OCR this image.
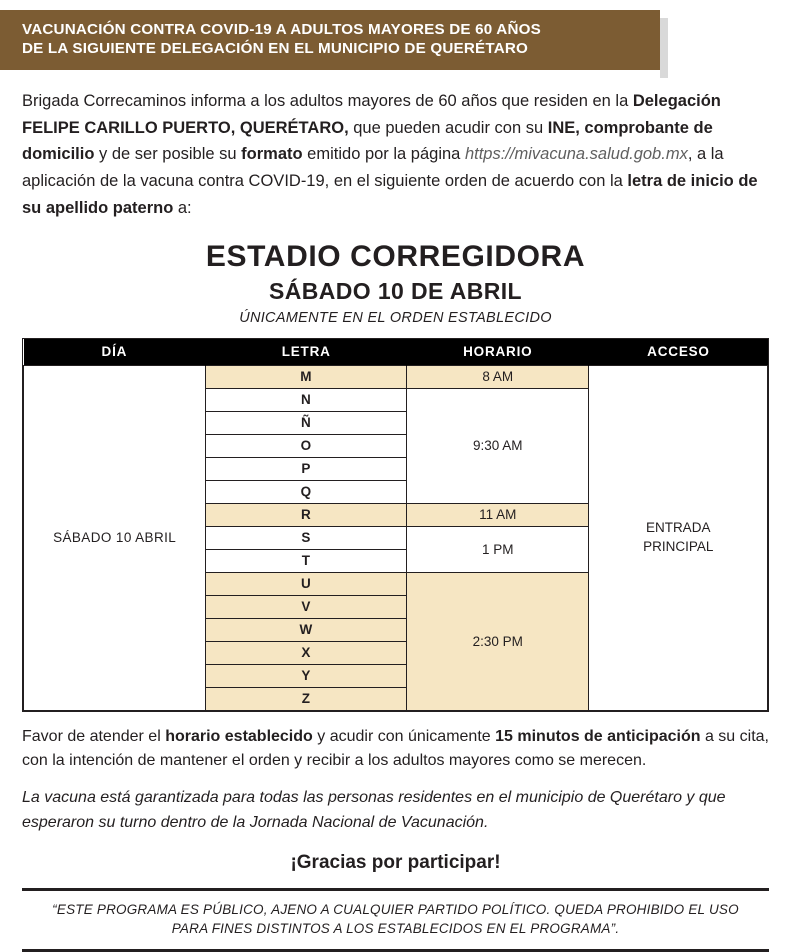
VACUNACIÓN CONTRA COVID-19 A ADULTOS MAYORES DE 60 AÑOS
DE LA SIGUIENTE DELEGACIÓN EN EL MUNICIPIO DE QUERÉTARO

Brigada Correcaminos informa a los adultos mayores de 60 años que residen en la Delegación FELIPE CARILLO PUERTO, QUERÉTARO, que pueden acudir con su INE, comprobante de domicilio y de ser posible su formato emitido por la página https://mivacuna.salud.gob.mx, a la aplicación de la vacuna contra COVID-19, en el siguiente orden de acuerdo con la letra de inicio de su apellido paterno a:

ESTADIO CORREGIDORA
SÁBADO 10 DE ABRIL
ÚNICAMENTE EN EL ORDEN ESTABLECIDO
DÍA	LETRA	HORARIO	ACCESO
SÁBADO 10 ABRIL	M	8 AM	ENTRADA
PRINCIPAL

	N	9:30 AM	
	Ñ		
	O		
	P		
	Q		
	R	11 AM	
	S	1 PM	
	T		
	U	2:30 PM	
	V		
	W		
	X		
	Y		
	Z		

Favor de atender el horario establecido y acudir con únicamente 15 minutos de anticipación a su cita, con la intención de mantener el orden y recibir a los adultos mayores como se merecen.

La vacuna está garantizada para todas las personas residentes en el municipio de Querétaro y que esperaron su turno dentro de la Jornada Nacional de Vacunación.

¡Gracias por participar!
“ESTE PROGRAMA ES PÚBLICO, AJENO A CUALQUIER PARTIDO POLÍTICO. QUEDA PROHIBIDO EL USO PARA FINES DISTINTOS A LOS ESTABLECIDOS EN EL PROGRAMA”.
